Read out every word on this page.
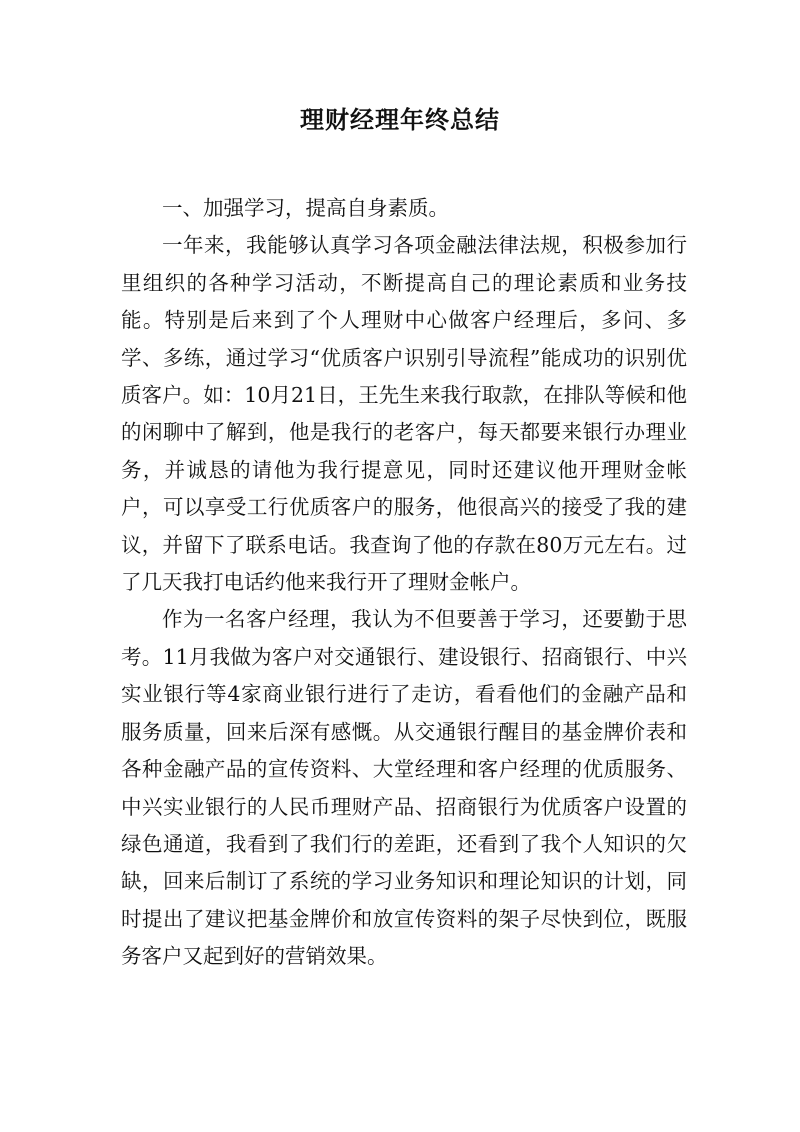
理财经理年终总结

一、加强学习，提高自身素质。

一年来，我能够认真学习各项金融法律法规，积极参加行里组织的各种学习活动，不断提高自己的理论素质和业务技能。特别是后来到了个人理财中心做客户经理后，多问、多学、多练，通过学习“优质客户识别引导流程”能成功的识别优质客户。如：10月21日，王先生来我行取款，在排队等候和他的闲聊中了解到，他是我行的老客户，每天都要来银行办理业务，并诚恳的请他为我行提意见，同时还建议他开理财金帐户，可以享受工行优质客户的服务，他很高兴的接受了我的建议，并留下了联系电话。我查询了他的存款在80万元左右。过了几天我打电话约他来我行开了理财金帐户。

作为一名客户经理，我认为不但要善于学习，还要勤于思考。11月我做为客户对交通银行、建设银行、招商银行、中兴实业银行等4家商业银行进行了走访，看看他们的金融产品和服务质量，回来后深有感慨。从交通银行醒目的基金牌价表和各种金融产品的宣传资料、大堂经理和客户经理的优质服务、中兴实业银行的人民币理财产品、招商银行为优质客户设置的绿色通道，我看到了我们行的差距，还看到了我个人知识的欠缺，回来后制订了系统的学习业务知识和理论知识的计划，同时提出了建议把基金牌价和放宣传资料的架子尽快到位，既服务客户又起到好的营销效果。
